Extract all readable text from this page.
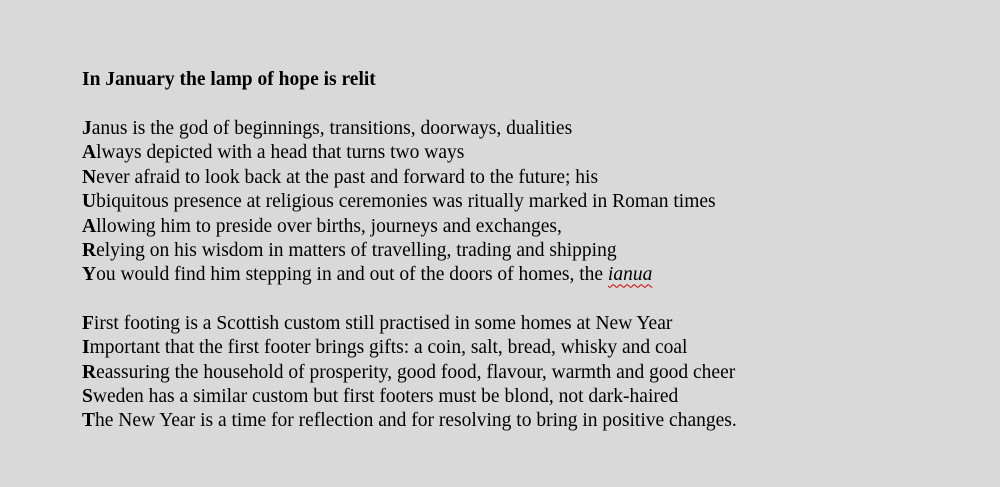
In January the lamp of hope is relit

Janus is the god of beginnings, transitions, doorways, dualities
Always depicted with a head that turns two ways
Never afraid to look back at the past and forward to the future; his
Ubiquitous presence at religious ceremonies was ritually marked in Roman times
Allowing him to preside over births, journeys and exchanges,
Relying on his wisdom in matters of travelling, trading and shipping
You would find him stepping in and out of the doors of homes, the ianua
First footing is a Scottish custom still practised in some homes at New Year
Important that the first footer brings gifts: a coin, salt, bread, whisky and coal
Reassuring the household of prosperity, good food, flavour, warmth and good cheer
Sweden has a similar custom but first footers must be blond, not dark-haired
The New Year is a time for reflection and for resolving to bring in positive changes.
